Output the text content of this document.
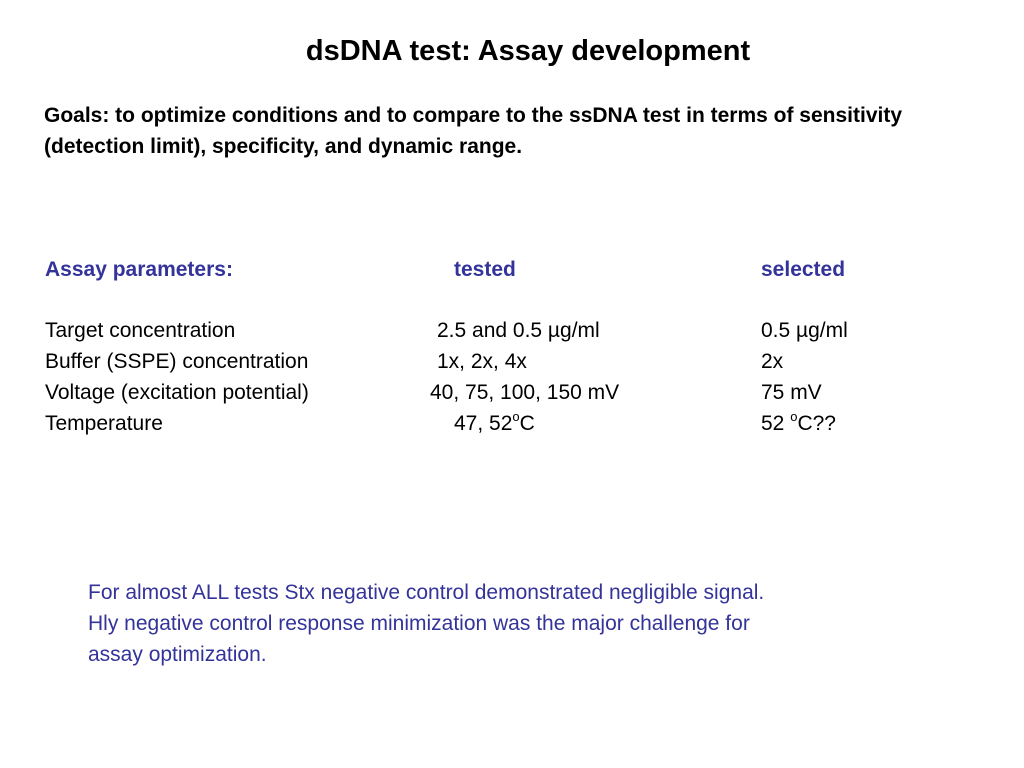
dsDNA test: Assay development
Goals: to optimize conditions and to compare to the ssDNA test in terms of sensitivity (detection limit), specificity, and dynamic range.
Assay parameters:	tested	selected
Target concentration	2.5 and 0.5 µg/ml	0.5 µg/ml
Buffer (SSPE) concentration	1x, 2x, 4x	2x
Voltage (excitation potential)	40, 75, 100, 150 mV	75 mV
Temperature	47, 52$^o$C	52 $^o$C??
For almost ALL tests Stx negative control demonstrated negligible signal.
Hly negative control response minimization was the major challenge for
assay optimization.
